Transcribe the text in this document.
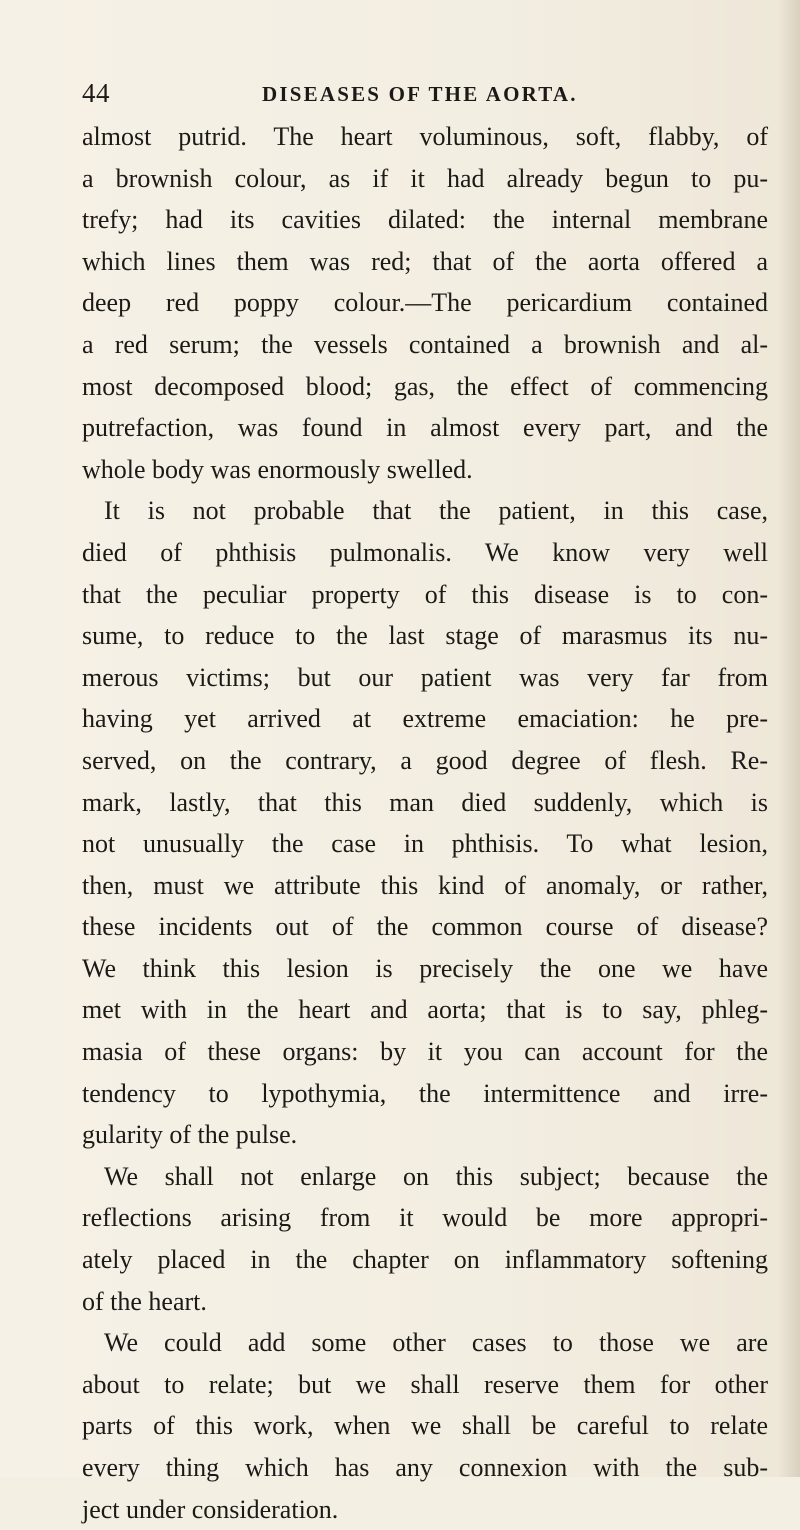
44	DISEASES OF THE AORTA.
almost putrid. The heart voluminous, soft, flabby, of
a brownish colour, as if it had already begun to pu-
trefy; had its cavities dilated: the internal membrane
which lines them was red; that of the aorta offered a
deep red poppy colour.—The pericardium contained
a red serum; the vessels contained a brownish and al-
most decomposed blood; gas, the effect of commencing
putrefaction, was found in almost every part, and the
whole body was enormously swelled.
It is not probable that the patient, in this case,
died of phthisis pulmonalis. We know very well
that the peculiar property of this disease is to con-
sume, to reduce to the last stage of marasmus its nu-
merous victims; but our patient was very far from
having yet arrived at extreme emaciation: he pre-
served, on the contrary, a good degree of flesh. Re-
mark, lastly, that this man died suddenly, which is
not unusually the case in phthisis. To what lesion,
then, must we attribute this kind of anomaly, or rather,
these incidents out of the common course of disease?
We think this lesion is precisely the one we have
met with in the heart and aorta; that is to say, phleg-
masia of these organs: by it you can account for the
tendency to lypothymia, the intermittence and irre-
gularity of the pulse.
We shall not enlarge on this subject; because the
reflections arising from it would be more appropri-
ately placed in the chapter on inflammatory softening
of the heart.
We could add some other cases to those we are
about to relate; but we shall reserve them for other
parts of this work, when we shall be careful to relate
every thing which has any connexion with the sub-
ject under consideration.
